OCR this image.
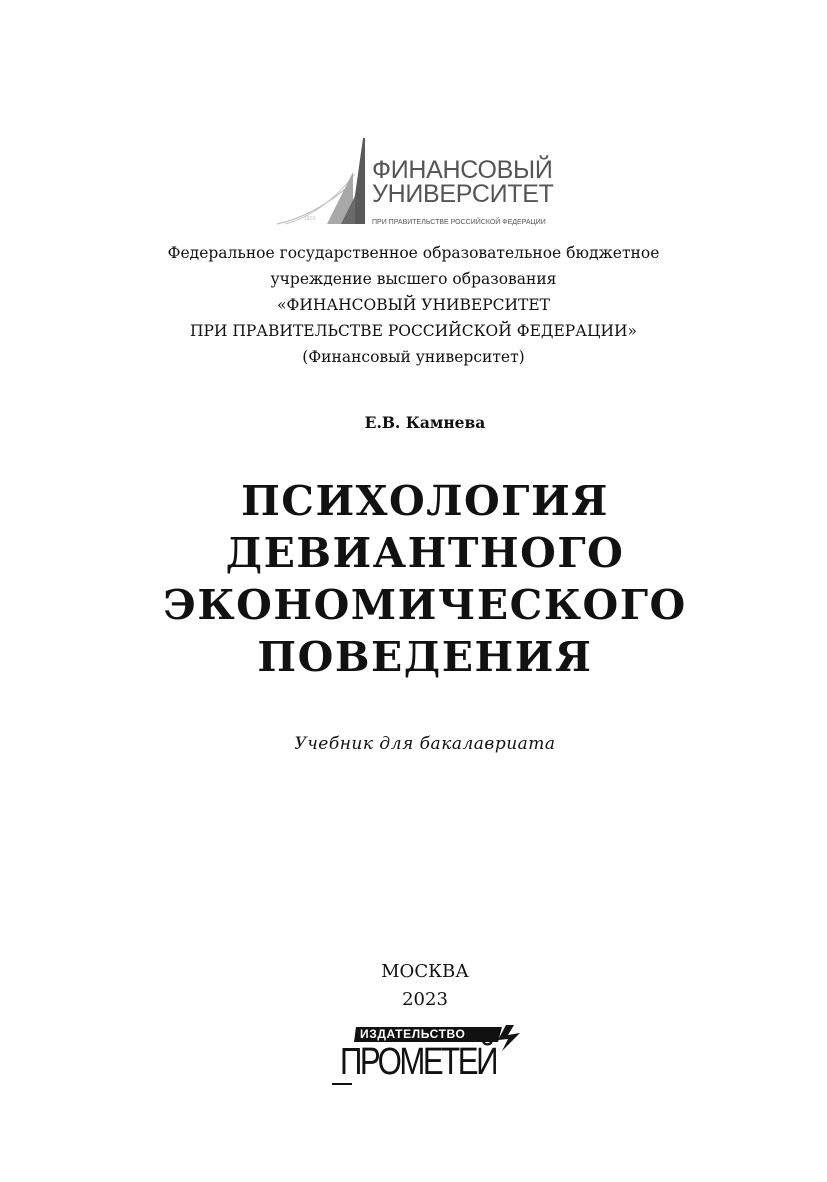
ФИНАНСОВЫЙ
УНИВЕРСИТЕТ
ПРИ ПРАВИТЕЛЬСТВЕ РОССИЙСКОЙ ФЕДЕРАЦИИ
1919
Федеральное государственное образовательное бюджетное
учреждение высшего образования
«ФИНАНСОВЫЙ УНИВЕРСИТЕТ
ПРИ ПРАВИТЕЛЬСТВЕ РОССИЙСКОЙ ФЕДЕРАЦИИ»
(Финансовый университет)
Е.В. Камнева
ПСИХОЛОГИЯ
ДЕВИАНТНОГО
ЭКОНОМИЧЕСКОГО
ПОВЕДЕНИЯ
Учебник для бакалавриата
МОСКВА
2023
ИЗДАТЕЛЬСТВО
ПРОМЕТЕЙ
